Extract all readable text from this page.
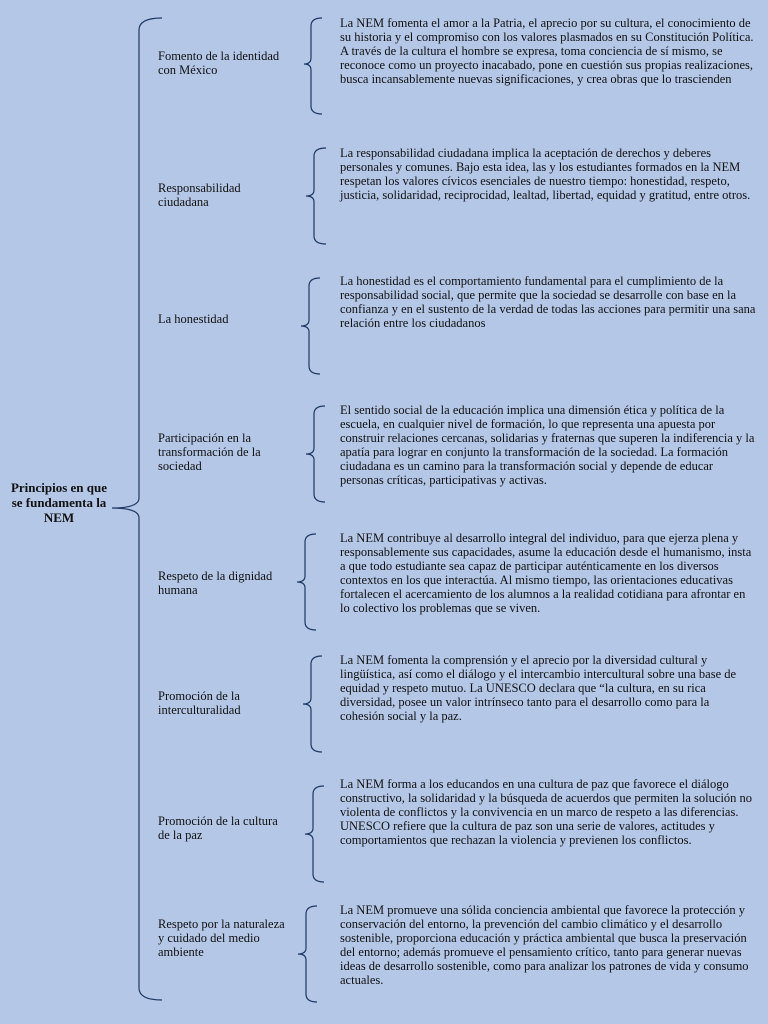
Principios en que se fundamenta la NEM
Fomento de la identidad con México
La NEM fomenta el amor a la Patria, el aprecio por su cultura, el conocimiento de su historia y el compromiso con los valores plasmados en su Constitución Política. A través de la cultura el hombre se expresa, toma conciencia de sí mismo, se reconoce como un proyecto inacabado, pone en cuestión sus propias realizaciones, busca incansablemente nuevas significaciones, y crea obras que lo trascienden
Responsabilidad ciudadana
La responsabilidad ciudadana implica la aceptación de derechos y deberes personales y comunes. Bajo esta idea, las y los estudiantes formados en la NEM respetan los valores cívicos esenciales de nuestro tiempo: honestidad, respeto, justicia, solidaridad, reciprocidad, lealtad, libertad, equidad y gratitud, entre otros.
La honestidad
La honestidad es el comportamiento fundamental para el cumplimiento de la responsabilidad social, que permite que la sociedad se desarrolle con base en la confianza y en el sustento de la verdad de todas las acciones para permitir una sana relación entre los ciudadanos
Participación en la transformación de la sociedad
El sentido social de la educación implica una dimensión ética y política de la escuela, en cualquier nivel de formación, lo que representa una apuesta por construir relaciones cercanas, solidarias y fraternas que superen la indiferencia y la apatía para lograr en conjunto la transformación de la sociedad. La formación ciudadana es un camino para la transformación social y depende de educar personas críticas, participativas y activas.
Respeto de la dignidad humana
La NEM contribuye al desarrollo integral del individuo, para que ejerza plena y responsablemente sus capacidades, asume la educación desde el humanismo, insta a que todo estudiante sea capaz de participar auténticamente en los diversos contextos en los que interactúa. Al mismo tiempo, las orientaciones educativas fortalecen el acercamiento de los alumnos a la realidad cotidiana para afrontar en lo colectivo los problemas que se viven.
Promoción de la interculturalidad
La NEM fomenta la comprensión y el aprecio por la diversidad cultural y lingüística, así como el diálogo y el intercambio intercultural sobre una base de equidad y respeto mutuo. La UNESCO declara que “la cultura, en su rica diversidad, posee un valor intrínseco tanto para el desarrollo como para la cohesión social y la paz.
Promoción de la cultura de la paz
La NEM forma a los educandos en una cultura de paz que favorece el diálogo constructivo, la solidaridad y la búsqueda de acuerdos que permiten la solución no violenta de conflictos y la convivencia en un marco de respeto a las diferencias. UNESCO refiere que la cultura de paz son una serie de valores, actitudes y comportamientos que rechazan la violencia y previenen los conflictos.
Respeto por la naturaleza y cuidado del medio ambiente
La NEM promueve una sólida conciencia ambiental que favorece la protección y conservación del entorno, la prevención del cambio climático y el desarrollo sostenible, proporciona educación y práctica ambiental que busca la preservación del entorno; además promueve el pensamiento crítico, tanto para generar nuevas ideas de desarrollo sostenible, como para analizar los patrones de vida y consumo actuales.
